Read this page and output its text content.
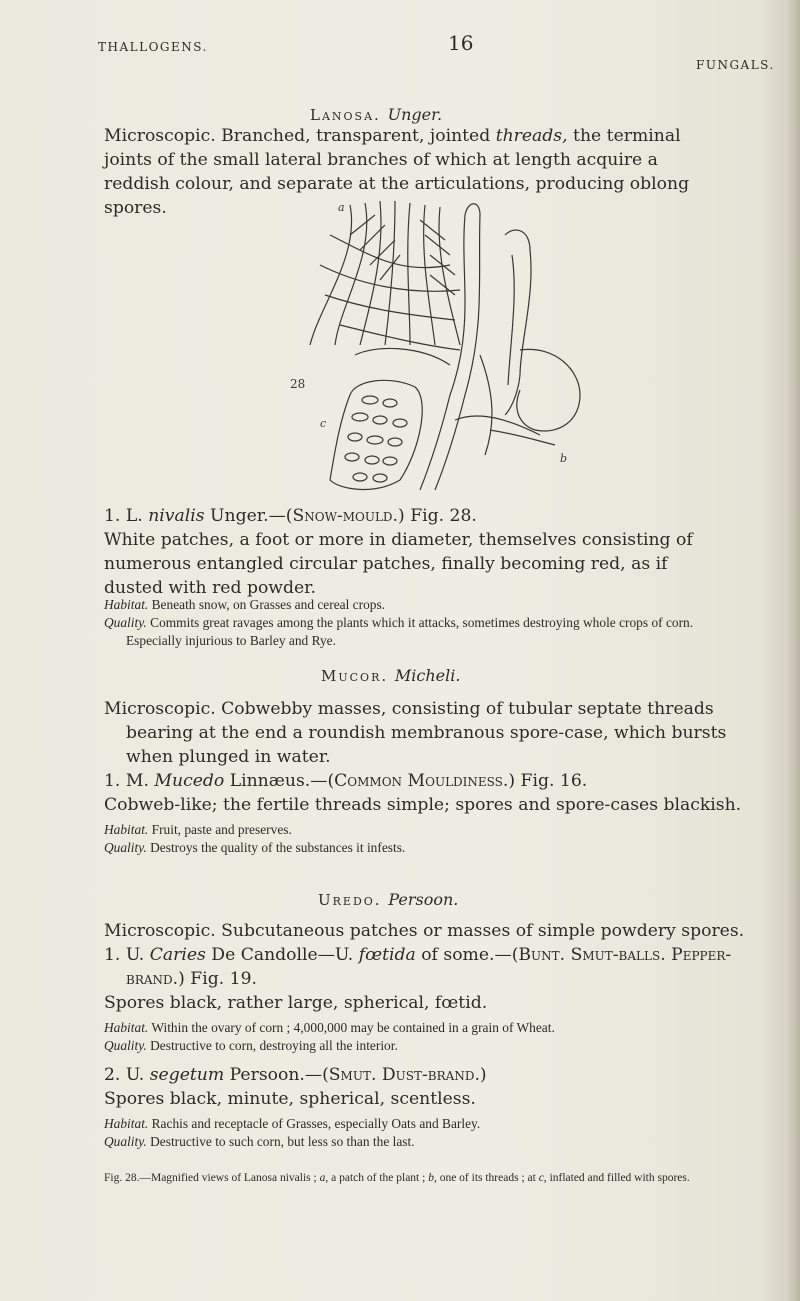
THALLOGENS.	16
FUNGALS.
Lanosa. Unger.
Microscopic. Branched, transparent, jointed threads, the terminal joints of the small lateral branches of which at length acquire a reddish colour, and separate at the articulations, producing oblong spores.	a
28
c
b
1. L. nivalis Unger.—(Snow-mould.) Fig. 28.
White patches, a foot or more in diameter, themselves consisting of numerous entangled circular patches, finally becoming red, as if dusted with red powder.
Habitat. Beneath snow, on Grasses and cereal crops.
Quality. Commits great ravages among the plants which it attacks, sometimes destroying whole crops of corn. Especially injurious to Barley and Rye.
Mucor. Micheli.
Microscopic. Cobwebby masses, consisting of tubular septate threads bearing at the end a roundish membranous spore-case, which bursts when plunged in water.
1. M. Mucedo Linnæus.—(Common Mouldiness.) Fig. 16.
Cobweb-like; the fertile threads simple; spores and spore-cases blackish.
Habitat. Fruit, paste and preserves.
Quality. Destroys the quality of the substances it infests.
Uredo. Persoon.
Microscopic. Subcutaneous patches or masses of simple powdery spores.
1. U. Caries De Candolle—U. fœtida of some.—(Bunt. Smut-balls. Pepper-brand.) Fig. 19.
Spores black, rather large, spherical, fœtid.
Habitat. Within the ovary of corn ; 4,000,000 may be contained in a grain of Wheat.
Quality. Destructive to corn, destroying all the interior.
2. U. segetum Persoon.—(Smut. Dust-brand.)
Spores black, minute, spherical, scentless.
Habitat. Rachis and receptacle of Grasses, especially Oats and Barley.
Quality. Destructive to such corn, but less so than the last.
Fig. 28.—Magnified views of Lanosa nivalis ; a, a patch of the plant ; b, one of its threads ; at c, inflated and filled with spores.
